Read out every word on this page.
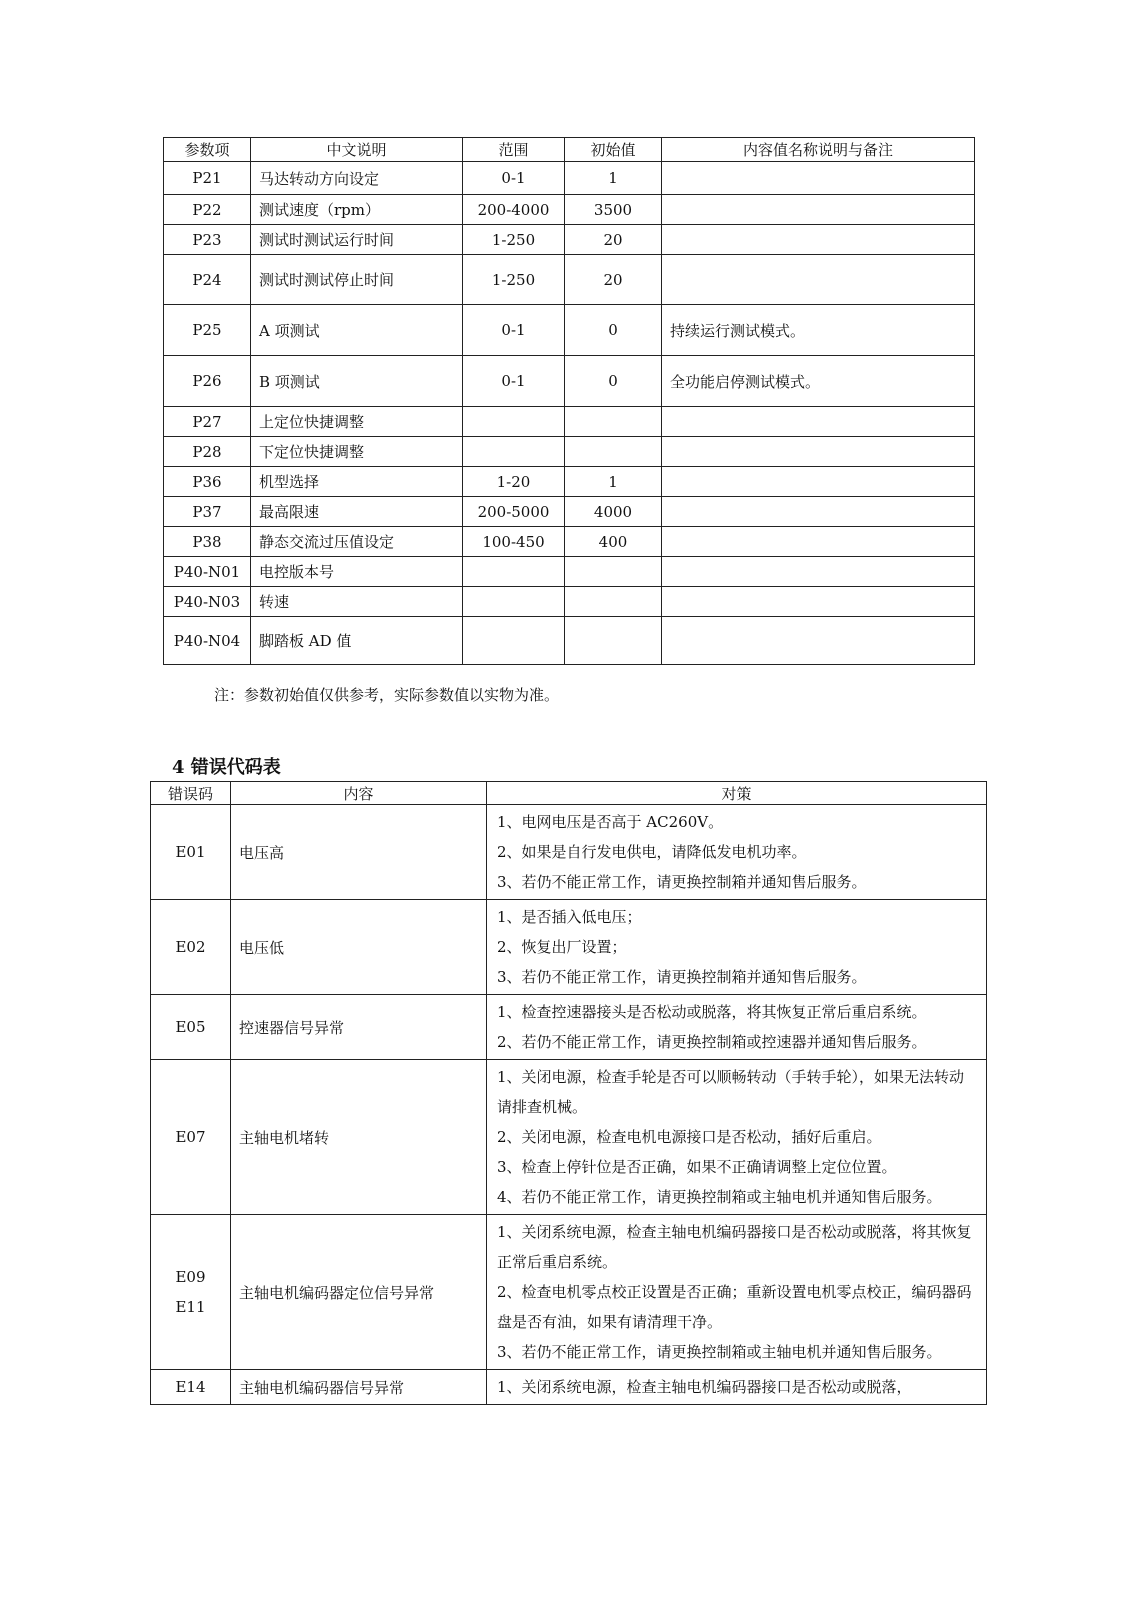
参数项	中文说明	范围	初始值	内容值名称说明与备注
P21	马达转动方向设定	0-1	1	
P22	测试速度（rpm）	200-4000	3500	
P23	测试时测试运行时间	1-250	20	
P24	测试时测试停止时间	1-250	20	
P25	A 项测试	0-1	0	持续运行测试模式。
P26	B 项测试	0-1	0	全功能启停测试模式。
P27	上定位快捷调整			
P28	下定位快捷调整			
P36	机型选择	1-20	1	
P37	最高限速	200-5000	4000	
P38	静态交流过压值设定	100-450	400	
P40-N01	电控版本号			
P40-N03	转速			
P40-N04	脚踏板 AD 值			
注：参数初始值仅供参考，实际参数值以实物为准。
4 错误代码表
错误码	内容	对策
E01	电压高	1、电网电压是否高于 AC260V。
2、如果是自行发电供电，请降低发电机功率。
3、若仍不能正常工作，请更换控制箱并通知售后服务。

E02	电压低	1、是否插入低电压；
2、恢复出厂设置；
3、若仍不能正常工作，请更换控制箱并通知售后服务。

E05	控速器信号异常	1、检查控速器接头是否松动或脱落，将其恢复正常后重启系统。
2、若仍不能正常工作，请更换控制箱或控速器并通知售后服务。

E07	主轴电机堵转	1、关闭电源，检查手轮是否可以顺畅转动（手转手轮），如果无法转动请排查机械。
2、关闭电源，检查电机电源接口是否松动，插好后重启。
3、检查上停针位是否正确，如果不正确请调整上定位位置。
4、若仍不能正常工作，请更换控制箱或主轴电机并通知售后服务。

E09
E11	主轴电机编码器定位信号异常	1、关闭系统电源，检查主轴电机编码器接口是否松动或脱落，将其恢复正常后重启系统。
2、检查电机零点校正设置是否正确；重新设置电机零点校正，编码器码盘是否有油，如果有请清理干净。
3、若仍不能正常工作，请更换控制箱或主轴电机并通知售后服务。

E14	主轴电机编码器信号异常	1、关闭系统电源，检查主轴电机编码器接口是否松动或脱落，
